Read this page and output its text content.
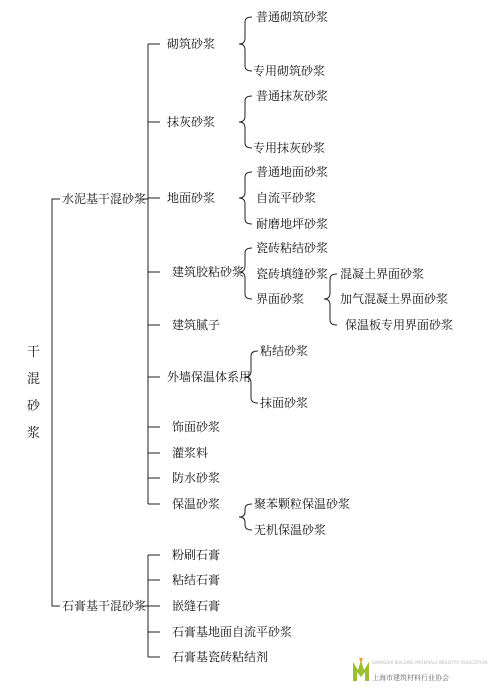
干
混
砂
浆
水泥基干混砂浆
石膏基干混砂浆
砌筑砂浆
抹灰砂浆
地面砂浆
建筑胶粘砂浆
建筑腻子
外墙保温体系用
饰面砂浆
灌浆料
防水砂浆
保温砂浆
普通砌筑砂浆
专用砌筑砂浆
普通抹灰砂浆
专用抹灰砂浆
普通地面砂浆
自流平砂浆
耐磨地坪砂浆
瓷砖粘结砂浆
瓷砖填缝砂浆
界面砂浆
混凝土界面砂浆
加气混凝土界面砂浆
保温板专用界面砂浆
粘结砂浆
抹面砂浆
聚苯颗粒保温砂浆
无机保温砂浆
粉刷石膏
粘结石膏
嵌缝石膏
石膏基地面自流平砂浆
石膏基瓷砖粘结剂	SHANGHAI BUILDING MATERIALS INDUSTRY ASSOCIATION
上海市建筑材料行业协会
